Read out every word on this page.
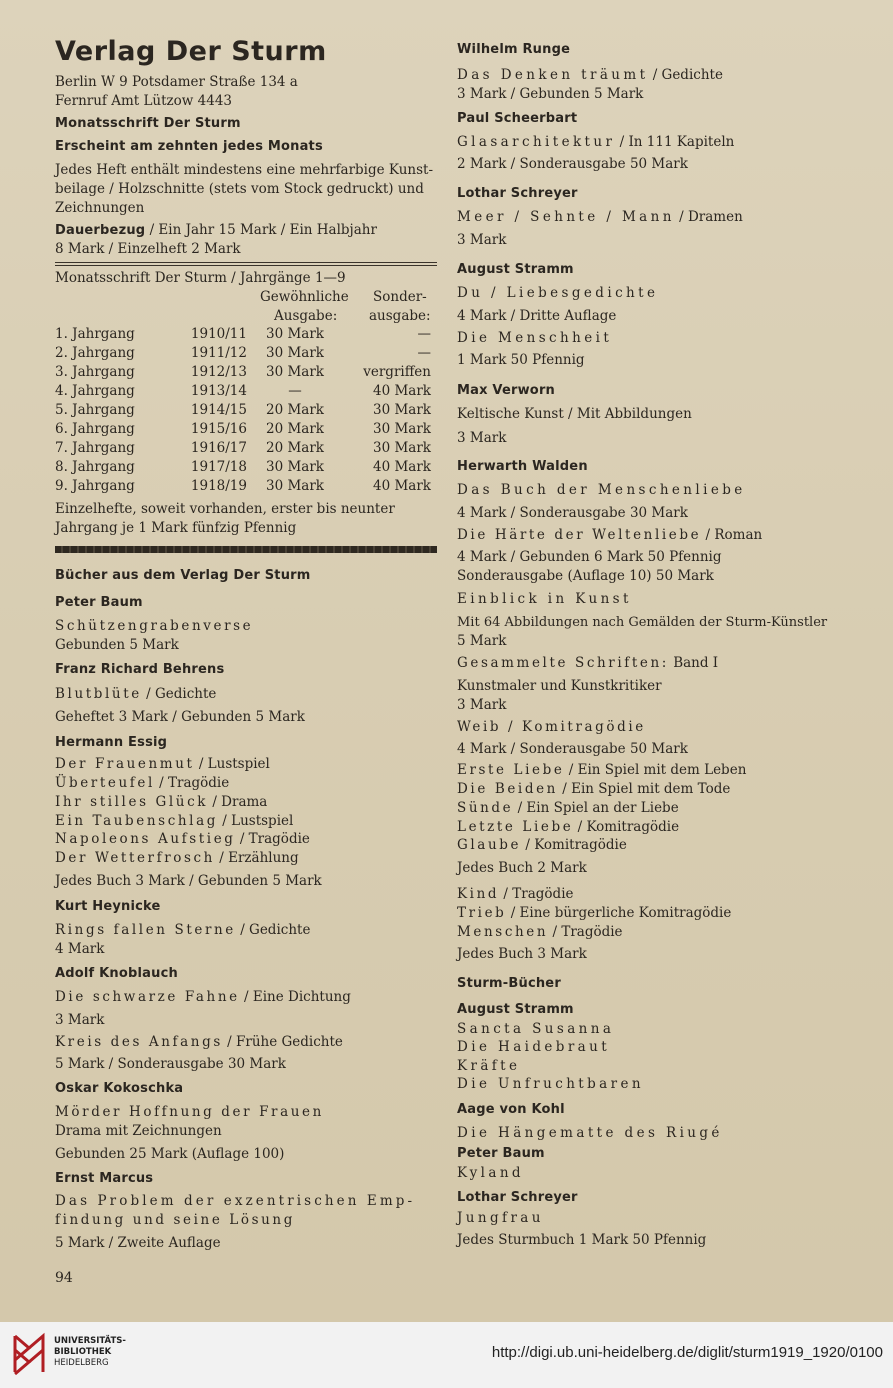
Verlag Der Sturm
Berlin W 9 Potsdamer Straße 134 a
Fernruf Amt Lützow 4443
Monatsschrift Der Sturm
Erscheint am zehnten jedes Monats
Jedes Heft enthält mindestens eine mehrfarbige Kunst-
beilage / Holzschnitte (stets vom Stock gedruckt) und
Zeichnungen
Dauerbezug / Ein Jahr 15 Mark / Ein Halbjahr
8 Mark / Einzelheft 2 Mark
Monatsschrift Der Sturm / Jahrgänge 1—9
Gewöhnliche Sonder-
Ausgabe: ausgabe:
1. Jahrgang	1910/11	30 Mark	—
2. Jahrgang	1911/12	30 Mark	—
3. Jahrgang	1912/13	30 Mark	vergriffen
4. Jahrgang	1913/14	—	40 Mark
5. Jahrgang	1914/15	20 Mark	30 Mark
6. Jahrgang	1915/16	20 Mark	30 Mark
7. Jahrgang	1916/17	20 Mark	30 Mark
8. Jahrgang	1917/18	30 Mark	40 Mark
9. Jahrgang	1918/19	30 Mark	40 Mark
Einzelhefte, soweit vorhanden, erster bis neunter
Jahrgang je 1 Mark fünfzig Pfennig
Bücher aus dem Verlag Der Sturm
Peter Baum
Schützengrabenverse
Gebunden 5 Mark
Franz Richard Behrens
Blutblüte / Gedichte
Geheftet 3 Mark / Gebunden 5 Mark
Hermann Essig
Der Frauenmut / Lustspiel
Überteufel / Tragödie
Ihr stilles Glück / Drama
Ein Taubenschlag / Lustspiel
Napoleons Aufstieg / Tragödie
Der Wetterfrosch / Erzählung
Jedes Buch 3 Mark / Gebunden 5 Mark
Kurt Heynicke
Rings fallen Sterne / Gedichte
4 Mark
Adolf Knoblauch
Die schwarze Fahne / Eine Dichtung
3 Mark
Kreis des Anfangs / Frühe Gedichte
5 Mark / Sonderausgabe 30 Mark
Oskar Kokoschka
Mörder Hoffnung der Frauen
Drama mit Zeichnungen
Gebunden 25 Mark (Auflage 100)
Ernst Marcus
Das Problem der exzentrischen Emp-
findung und seine Lösung
5 Mark / Zweite Auflage
Wilhelm Runge
Das Denken träumt / Gedichte
3 Mark / Gebunden 5 Mark
Paul Scheerbart
Glasarchitektur / In 111 Kapiteln
2 Mark / Sonderausgabe 50 Mark
Lothar Schreyer
Meer / Sehnte / Mann / Dramen
3 Mark
August Stramm
Du / Liebesgedichte
4 Mark / Dritte Auflage
Die Menschheit
1 Mark 50 Pfennig
Max Verworn
Keltische Kunst / Mit Abbildungen
3 Mark
Herwarth Walden
Das Buch der Menschenliebe
4 Mark / Sonderausgabe 30 Mark
Die Härte der Weltenliebe / Roman
4 Mark / Gebunden 6 Mark 50 Pfennig
Sonderausgabe (Auflage 10) 50 Mark
Einblick in Kunst
Mit 64 Abbildungen nach Gemälden der Sturm-Künstler
5 Mark
Gesammelte Schriften: Band I
Kunstmaler und Kunstkritiker
3 Mark
Weib / Komitragödie
4 Mark / Sonderausgabe 50 Mark
Erste Liebe / Ein Spiel mit dem Leben
Die Beiden / Ein Spiel mit dem Tode
Sünde / Ein Spiel an der Liebe
Letzte Liebe / Komitragödie
Glaube / Komitragödie
Jedes Buch 2 Mark
Kind / Tragödie
Trieb / Eine bürgerliche Komitragödie
Menschen / Tragödie
Jedes Buch 3 Mark
Sturm-Bücher
August Stramm
Sancta Susanna
Die Haidebraut
Kräfte
Die Unfruchtbaren
Aage von Kohl
Die Hängematte des Riugé
Peter Baum
Kyland
Lothar Schreyer
Jungfrau
Jedes Sturmbuch 1 Mark 50 Pfennig
94
UNIVERSITÄTS-
BIBLIOTHEK
HEIDELBERG
http://digi.ub.uni-heidelberg.de/diglit/sturm1919_1920/0100
